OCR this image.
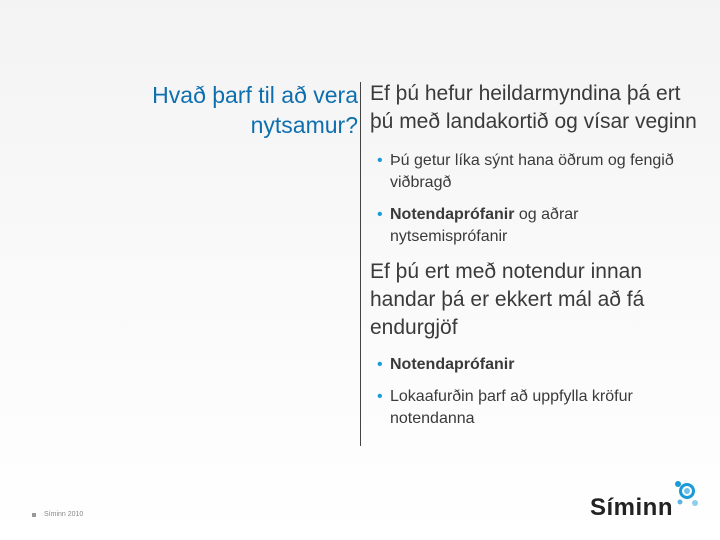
Hvað þarf til að vera
nytsamur?

Ef þú hefur heildarmyndina þá ert þú með landakortið og vísar veginn

• Þú getur líka sýnt hana öðrum og fengið viðbragð
• Notendaprófanir og aðrar nytsemisprófanir

Ef þú ert með notendur innan handar þá er ekkert mál að fá endurgjöf

• Notendaprófanir
• Lokaafurðin þarf að uppfylla kröfur notendanna
Síminn 2010	Síminn
